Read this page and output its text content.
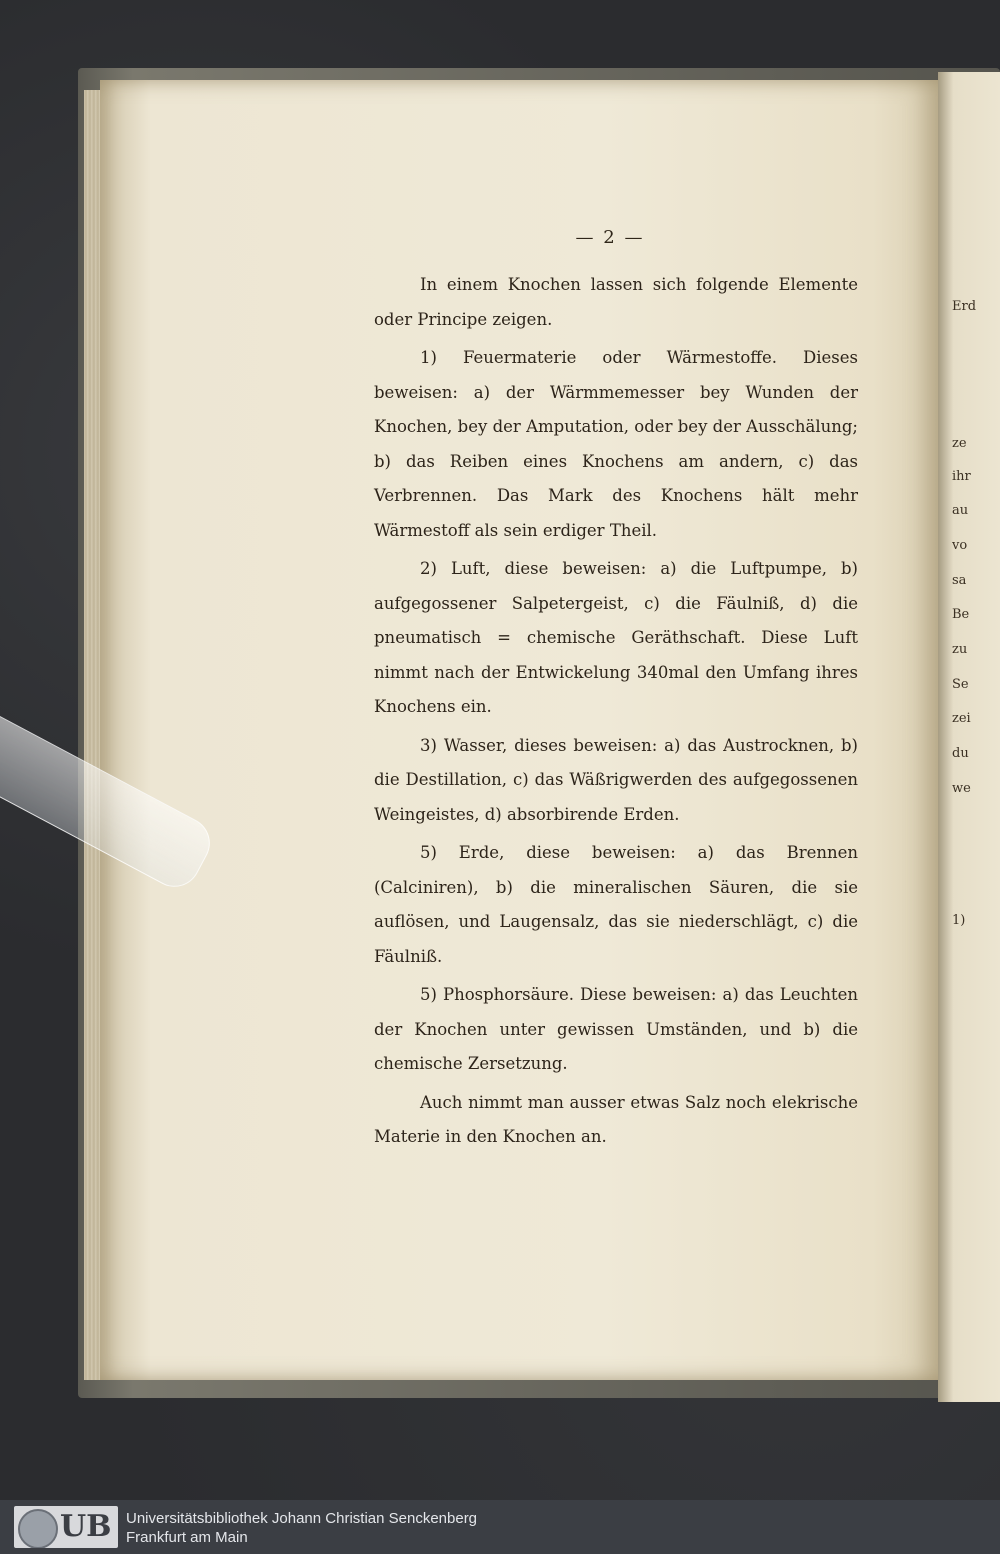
Erd
ze
ihr
au
vo
sa
Be
zu
Se
zei
du
we
1)
— 2 —

In einem Knochen lassen sich folgende Elemente oder Principe zeigen.

1) Feuermaterie oder Wärmestoffe. Dieses beweisen: a) der Wärmmemesser bey Wunden der Knochen, bey der Amputation, oder bey der Ausschälung; b) das Reiben eines Knochens am andern, c) das Verbrennen. Das Mark des Knochens hält mehr Wärmestoff als sein erdiger Theil.

2) Luft, diese beweisen: a) die Luftpumpe, b) aufgegossener Salpetergeist, c) die Fäulniß, d) die pneumatisch = chemische Geräthschaft. Diese Luft nimmt nach der Entwickelung 340mal den Umfang ihres Knochens ein.

3) Wasser, dieses beweisen: a) das Austrocknen, b) die Destillation, c) das Wäßrigwerden des aufgegossenen Weingeistes, d) absorbirende Erden.

5) Erde, diese beweisen: a) das Brennen (Calciniren), b) die mineralischen Säuren, die sie auflösen, und Laugensalz, das sie niederschlägt, c) die Fäulniß.

5) Phosphorsäure. Diese beweisen: a) das Leuchten der Knochen unter gewissen Umständen, und b) die chemische Zersetzung.

Auch nimmt man ausser etwas Salz noch elekrische Materie in den Knochen an.

UB Universitätsbibliothek Johann Christian Senckenberg
Frankfurt am Main
